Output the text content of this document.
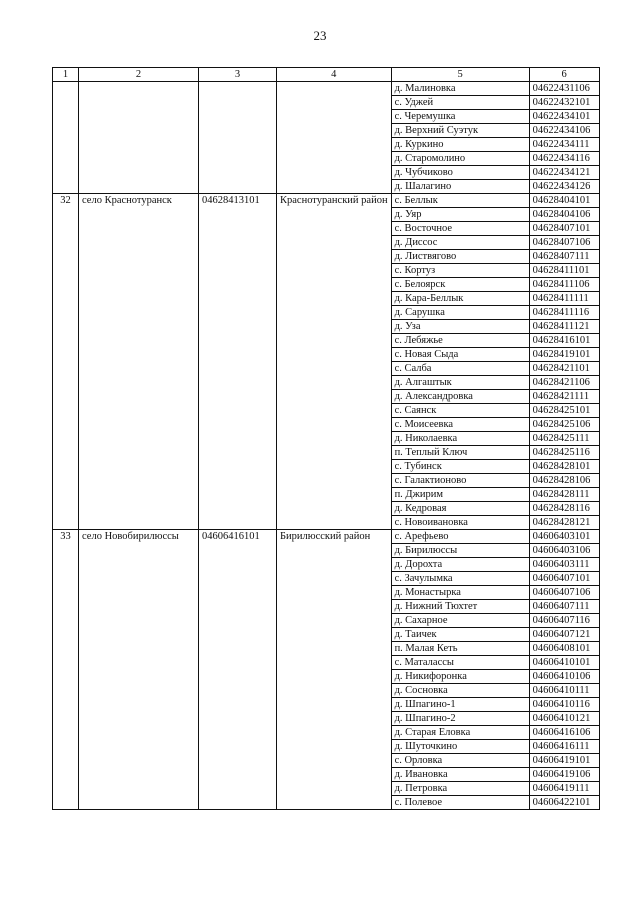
23
1	2	3	4	5	6
				д. Малиновка	04622431106
				с. Уджей	04622432101
				с. Черемушка	04622434101
				д. Верхний Суэтук	04622434106
				д. Куркино	04622434111
				д. Старомолино	04622434116
				д. Чубчиково	04622434121
				д. Шалагино	04622434126
32	село Краснотуранск	04628413101	Краснотуранский район	с. Беллык	04628404101
				д. Уяр	04628404106
				с. Восточное	04628407101
				д. Диссос	04628407106
				д. Листвягово	04628407111
				с. Кортуз	04628411101
				с. Белоярск	04628411106
				д. Кара-Беллык	04628411111
				д. Сарушка	04628411116
				д. Уза	04628411121
				с. Лебяжье	04628416101
				с. Новая Сыда	04628419101
				с. Салба	04628421101
				д. Алгаштык	04628421106
				д. Александровка	04628421111
				с. Саянск	04628425101
				с. Моисеевка	04628425106
				д. Николаевка	04628425111
				п. Теплый Ключ	04628425116
				с. Тубинск	04628428101
				с. Галактионово	04628428106
				п. Джирим	04628428111
				д. Кедровая	04628428116
				с. Новоивановка	04628428121
33	село Новобирилюссы	04606416101	Бирилюсский район	с. Арефьево	04606403101
				д. Бирилюссы	04606403106
				д. Дорохта	04606403111
				с. Зачулымка	04606407101
				д. Монастырка	04606407106
				д. Нижний Тюхтет	04606407111
				д. Сахарное	04606407116
				д. Таичек	04606407121
				п. Малая Кеть	04606408101
				с. Маталассы	04606410101
				д. Никифоронка	04606410106
				д. Сосновка	04606410111
				д. Шпагино-1	04606410116
				д. Шпагино-2	04606410121
				д. Старая Еловка	04606416106
				д. Шуточкино	04606416111
				с. Орловка	04606419101
				д. Ивановка	04606419106
				д. Петровка	04606419111
				с. Полевое	04606422101
